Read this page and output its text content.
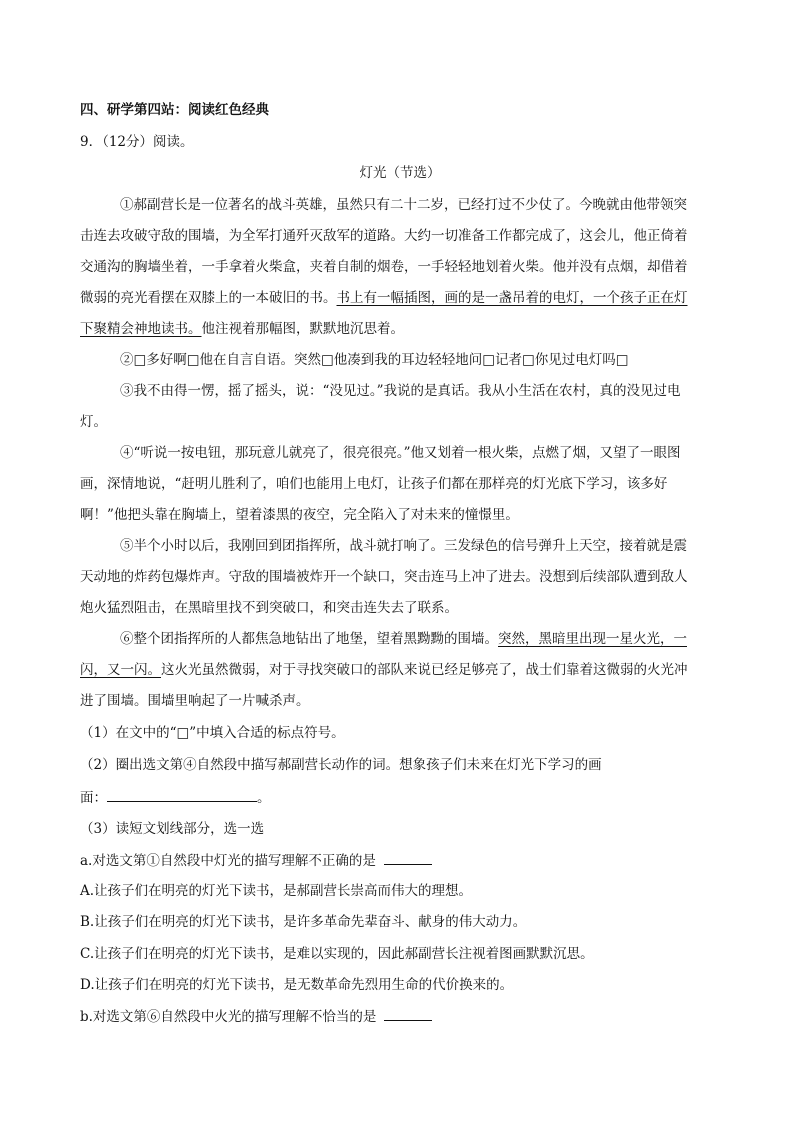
四、研学第四站：阅读红色经典
9．（12分）阅读。
灯光（节选）
①郝副营长是一位著名的战斗英雄，虽然只有二十二岁，已经打过不少仗了。今晚就由他带领突
击连去攻破守敌的围墙，为全军打通歼灭敌军的道路。大约一切准备工作都完成了，这会儿，他正倚着
交通沟的胸墙坐着，一手拿着火柴盒，夹着自制的烟卷，一手轻轻地划着火柴。他并没有点烟，却借着
微弱的亮光看摆在双膝上的一本破旧的书。书上有一幅插图，画的是一盏吊着的电灯，一个孩子正在灯
下聚精会神地读书。他注视着那幅图，默默地沉思着。
②□多好啊□他在自言自语。突然□他凑到我的耳边轻轻地问□记者□你见过电灯吗□
③我不由得一愣，摇了摇头，说：“没见过。”我说的是真话。我从小生活在农村，真的没见过电
灯。
④“听说一按电钮，那玩意儿就亮了，很亮很亮。”他又划着一根火柴，点燃了烟，又望了一眼图
画，深情地说，“赶明儿胜利了，咱们也能用上电灯，让孩子们都在那样亮的灯光底下学习，该多好
啊！”他把头靠在胸墙上，望着漆黑的夜空，完全陷入了对未来的憧憬里。
⑤半个小时以后，我刚回到团指挥所，战斗就打响了。三发绿色的信号弹升上天空，接着就是震
天动地的炸药包爆炸声。守敌的围墙被炸开一个缺口，突击连马上冲了进去。没想到后续部队遭到敌人
炮火猛烈阻击，在黑暗里找不到突破口，和突击连失去了联系。
⑥整个团指挥所的人都焦急地钻出了地堡，望着黑黝黝的围墙。突然，黑暗里出现一星火光，一
闪，又一闪。这火光虽然微弱，对于寻找突破口的部队来说已经足够亮了，战士们靠着这微弱的火光冲
进了围墙。围墙里响起了一片喊杀声。
（1）在文中的“□”中填入合适的标点符号。
（2）圈出选文第④自然段中描写郝副营长动作的词。想象孩子们未来在灯光下学习的画
面：	。
（3）读短文划线部分，选一选
a.对选文第①自然段中灯光的描写理解不正确的是
A.让孩子们在明亮的灯光下读书，是郝副营长崇高而伟大的理想。
B.让孩子们在明亮的灯光下读书，是许多革命先辈奋斗、献身的伟大动力。
C.让孩子们在明亮的灯光下读书，是难以实现的，因此郝副营长注视着图画默默沉思。
D.让孩子们在明亮的灯光下读书，是无数革命先烈用生命的代价换来的。
b.对选文第⑥自然段中火光的描写理解不恰当的是
